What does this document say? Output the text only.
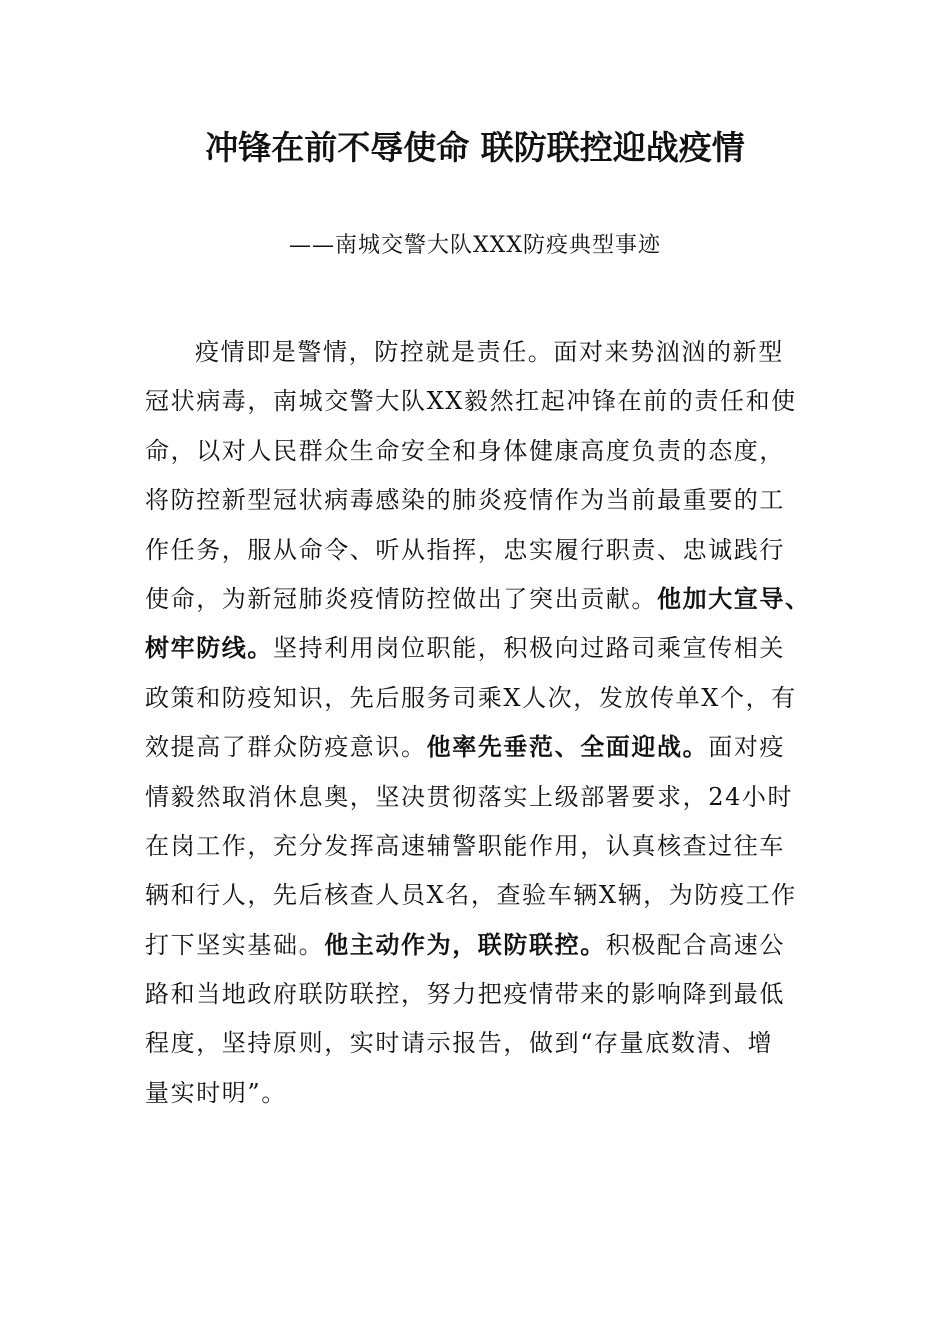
冲锋在前不辱使命 联防联控迎战疫情
——南城交警大队XXX防疫典型事迹
疫情即是警情，防控就是责任。面对来势汹汹的新型
冠状病毒，南城交警大队XX毅然扛起冲锋在前的责任和使
命，以对人民群众生命安全和身体健康高度负责的态度，
将防控新型冠状病毒感染的肺炎疫情作为当前最重要的工
作任务，服从命令、听从指挥，忠实履行职责、忠诚践行
使命，为新冠肺炎疫情防控做出了突出贡献。他加大宣导、
树牢防线。坚持利用岗位职能，积极向过路司乘宣传相关
政策和防疫知识，先后服务司乘X人次，发放传单X个，有
效提高了群众防疫意识。他率先垂范、全面迎战。面对疫
情毅然取消休息奥，坚决贯彻落实上级部署要求，24小时
在岗工作，充分发挥高速辅警职能作用，认真核查过往车
辆和行人，先后核查人员X名，查验车辆X辆，为防疫工作
打下坚实基础。他主动作为，联防联控。积极配合高速公
路和当地政府联防联控，努力把疫情带来的影响降到最低
程度，坚持原则，实时请示报告，做到“存量底数清、增
量实时明”。
